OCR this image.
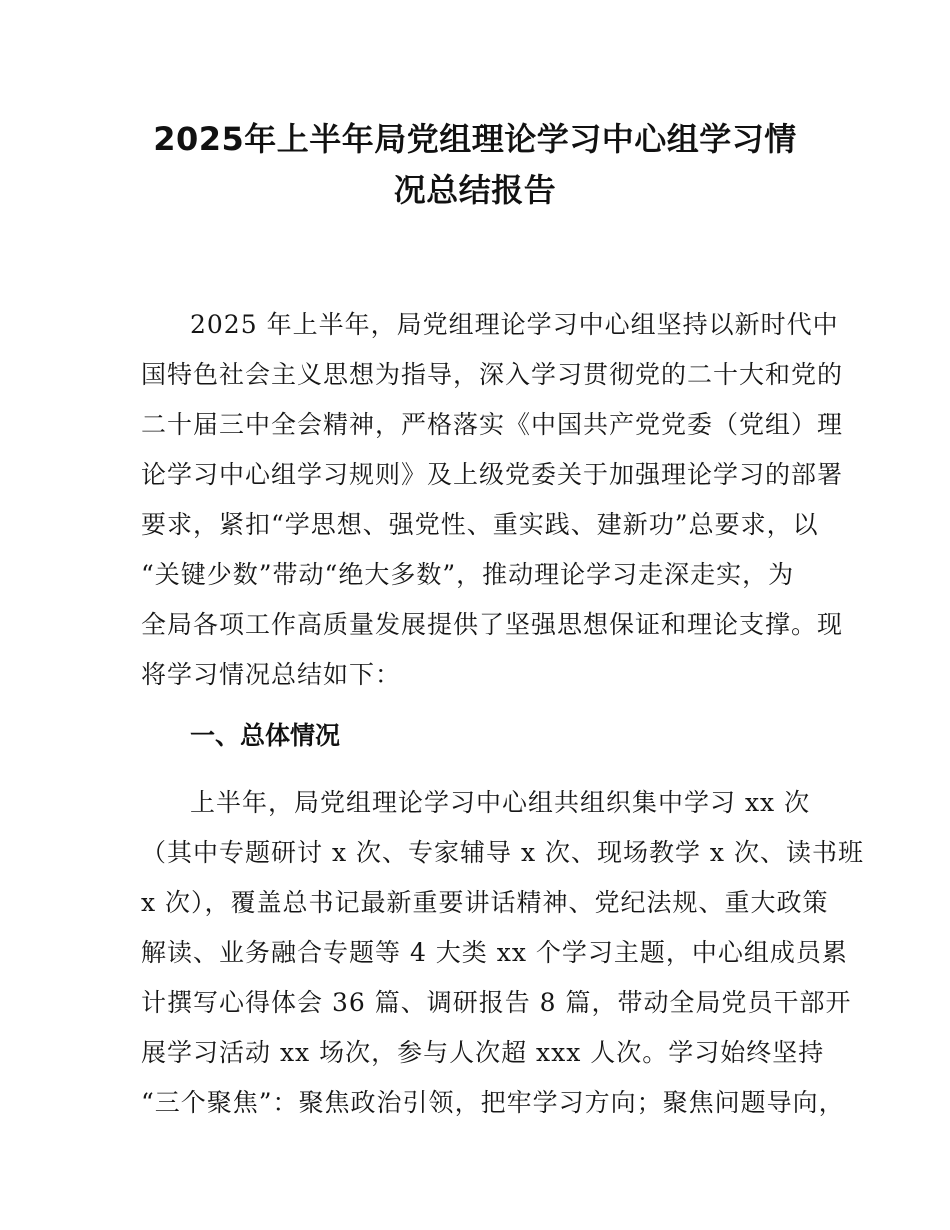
2025年上半年局党组理论学习中心组学习情
况总结报告
2025 年上半年，局党组理论学习中心组坚持以新时代中
国特色社会主义思想为指导，深入学习贯彻党的二十大和党的
二十届三中全会精神，严格落实《中国共产党党委（党组）理
论学习中心组学习规则》及上级党委关于加强理论学习的部署
要求，紧扣“学思想、强党性、重实践、建新功”总要求，以
“关键少数”带动“绝大多数”，推动理论学习走深走实，为
全局各项工作高质量发展提供了坚强思想保证和理论支撑。现
将学习情况总结如下：
一、总体情况
上半年，局党组理论学习中心组共组织集中学习 xx 次
（其中专题研讨 x 次、专家辅导 x 次、现场教学 x 次、读书班
x 次），覆盖总书记最新重要讲话精神、党纪法规、重大政策
解读、业务融合专题等 4 大类 xx 个学习主题，中心组成员累
计撰写心得体会 36 篇、调研报告 8 篇，带动全局党员干部开
展学习活动 xx 场次，参与人次超 xxx 人次。学习始终坚持
“三个聚焦”：聚焦政治引领，把牢学习方向；聚焦问题导向，
